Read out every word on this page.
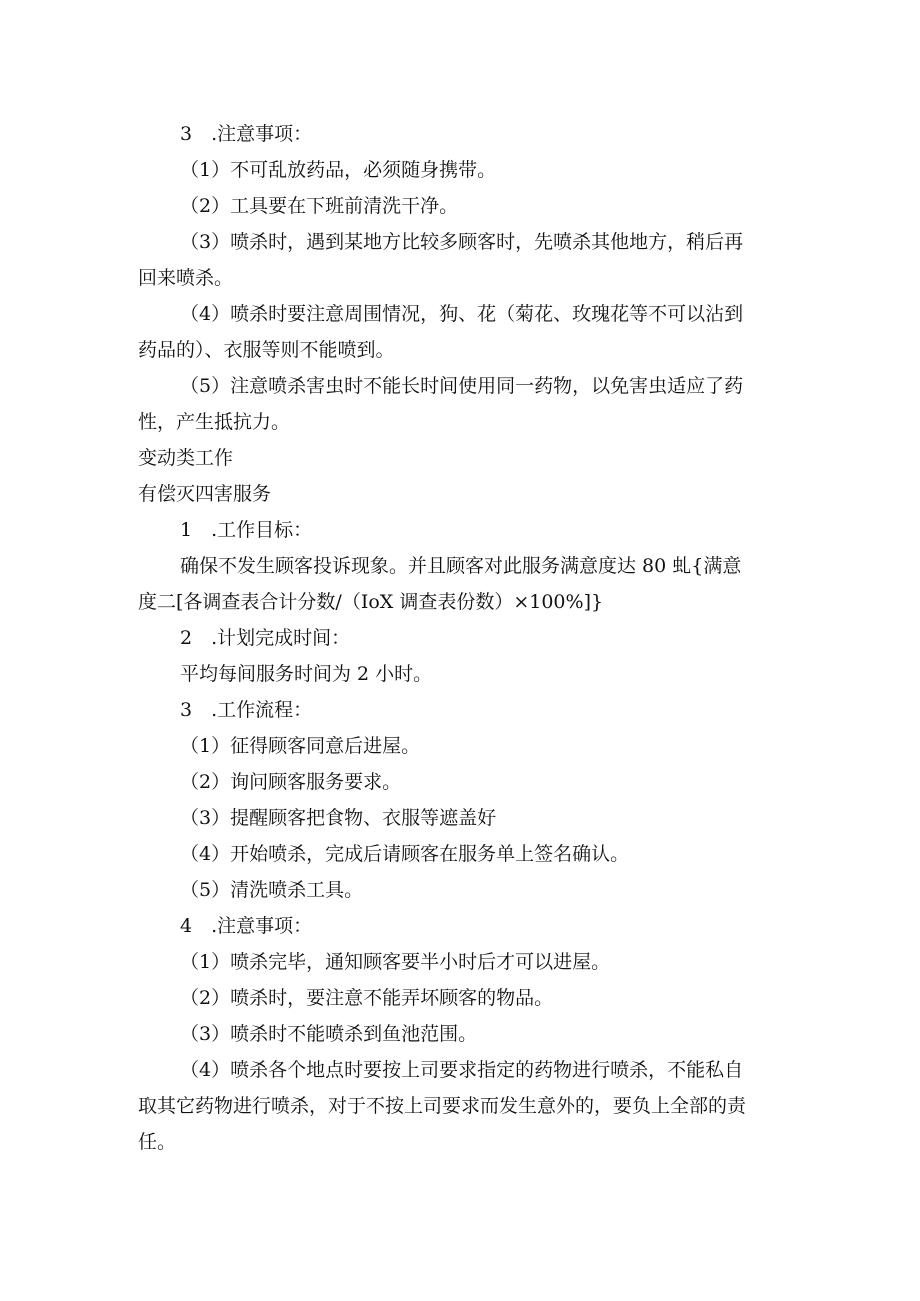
3　.注意事项：
（1）不可乱放药品，必须随身携带。
（2）工具要在下班前清洗干净。
（3）喷杀时，遇到某地方比较多顾客时，先喷杀其他地方，稍后再
回来喷杀。
（4）喷杀时要注意周围情况，狗、花（菊花、玫瑰花等不可以沾到
药品的）、衣服等则不能喷到。
（5）注意喷杀害虫时不能长时间使用同一药物，以免害虫适应了药
性，产生抵抗力。
变动类工作
有偿灭四害服务
1　.工作目标：
确保不发生顾客投诉现象。并且顾客对此服务满意度达 80 虬{满意
度二[各调查表合计分数/（IoX 调查表份数）×100%]}
2　.计划完成时间：
平均每间服务时间为 2 小时。
3　.工作流程：
（1）征得顾客同意后进屋。
（2）询问顾客服务要求。
（3）提醒顾客把食物、衣服等遮盖好
（4）开始喷杀，完成后请顾客在服务单上签名确认。
（5）清洗喷杀工具。
4　.注意事项：
（1）喷杀完毕，通知顾客要半小时后才可以进屋。
（2）喷杀时，要注意不能弄坏顾客的物品。
（3）喷杀时不能喷杀到鱼池范围。
（4）喷杀各个地点时要按上司要求指定的药物进行喷杀，不能私自
取其它药物进行喷杀，对于不按上司要求而发生意外的，要负上全部的责
任。
